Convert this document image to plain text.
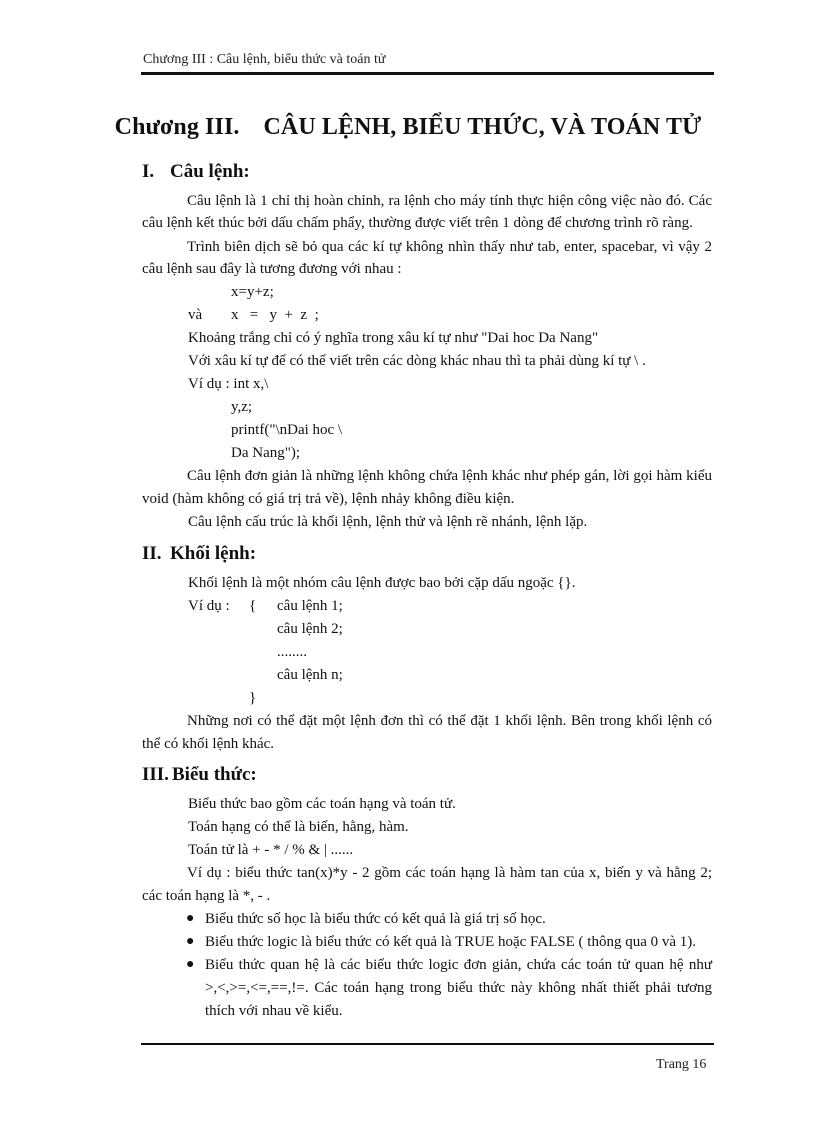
Chương III : Câu lệnh, biểu thức và toán tử
Chương III. CÂU LỆNH, BIỂU THỨC, VÀ TOÁN TỬ
I. Câu lệnh:
Câu lệnh là 1 chỉ thị hoàn chỉnh, ra lệnh cho máy tính thực hiện công việc nào đó. Các
câu lệnh kết thúc bởi dấu chấm phẩy, thường được viết trên 1 dòng để chương trình rõ ràng.
Trình biên dịch sẽ bỏ qua các kí tự không nhìn thấy như tab, enter, spacebar, vì vậy 2
câu lệnh sau đây là tương đương với nhau :
x=y+z;
và x   =   y  +  z  ;
Khoảng trắng chỉ có ý nghĩa trong xâu kí tự như "Dai hoc Da Nang"
Với xâu kí tự để có thể viết trên các dòng khác nhau thì ta phải dùng kí tự \ .
Ví dụ : int x,\
y,z;
printf("\nDai hoc \
Da Nang");
Câu lệnh đơn giản là những lệnh không chứa lệnh khác như phép gán, lời gọi hàm kiểu
void (hàm không có giá trị trả về), lệnh nhảy không điều kiện.
Câu lệnh cấu trúc là khối lệnh, lệnh thử và lệnh rẽ nhánh, lệnh lặp.
II. Khối lệnh:
Khối lệnh là một nhóm câu lệnh được bao bởi cặp dấu ngoặc {}.
Ví dụ : { câu lệnh 1;
câu lệnh 2;
........
câu lệnh n;
}
Những nơi có thể đặt một lệnh đơn thì có thể đặt 1 khối lệnh. Bên trong khối lệnh có
thể có khối lệnh khác.
III. Biểu thức:
Biểu thức bao gồm các toán hạng và toán tử.
Toán hạng có thể là biến, hằng, hàm.
Toán tử là + - * / % & | ......
Ví dụ : biểu thức tan(x)*y - 2 gồm các toán hạng là hàm tan của x, biến y và hằng 2;
các toán hạng là *, - .
● Biểu thức số học là biểu thức có kết quả là giá trị số học.
● Biểu thức logic là biểu thức có kết quả là TRUE hoặc FALSE ( thông qua 0 và 1).
● Biểu thức quan hệ là các biểu thức logic đơn giản, chứa các toán tử quan hệ như
>,<,>=,<=,==,!=. Các toán hạng trong biểu thức này không nhất thiết phải tương
thích với nhau về kiểu.
Trang 16
